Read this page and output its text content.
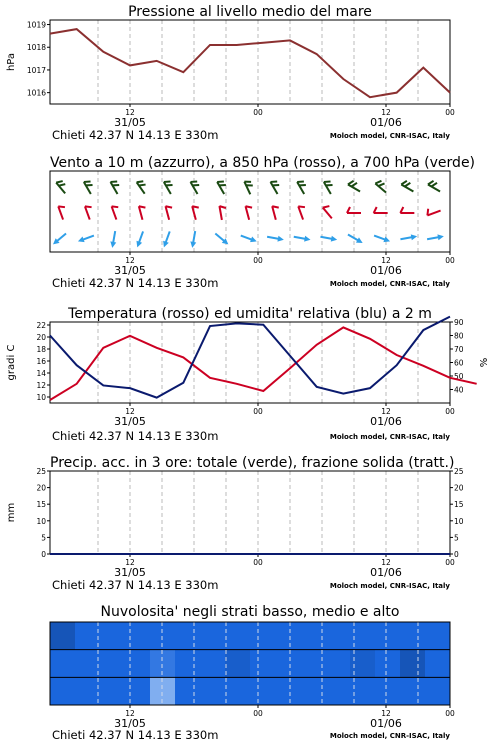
Pressione al livello medio del mare
12	00	12	00
31/05	01/06
1016
1017
1018
1019
hPa
Chieti 42.37 N 14.13 E 330m	Moloch model, CNR-ISAC, Italy
Vento a 10 m (azzurro), a 850 hPa (rosso), a 700 hPa (verde)
12	00	12	00
31/05	01/06
Chieti 42.37 N 14.13 E 330m	Moloch model, CNR-ISAC, Italy
Temperatura (rosso) ed umidita' relativa (blu) a 2 m
12	00	12	00
31/05	01/06
10
12
14
16
18
20
22
40
50
60
70
80
90
gradi C	%
Chieti 42.37 N 14.13 E 330m	Moloch model, CNR-ISAC, Italy
Precip. acc. in 3 ore: totale (verde), frazione solida (tratt.)
12	00	12	00
31/05	01/06
0
5
10
15
20
25
0
5
10
15
20
25
mm
Chieti 42.37 N 14.13 E 330m	Moloch model, CNR-ISAC, Italy
Nuvolosita' negli strati basso, medio e alto
12	00	12	00
31/05	01/06
Chieti 42.37 N 14.13 E 330m	Moloch model, CNR-ISAC, Italy
